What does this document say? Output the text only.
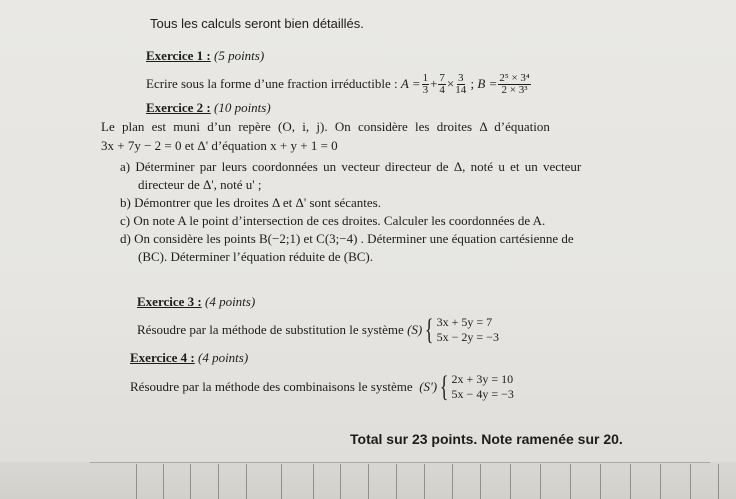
Tous les calculs seront bien détaillés.
Exercice 1 : (5 points)
Ecrire sous la forme d’une fraction irréductible :
$A = \frac{1}{3} + \frac{7}{4} \times \frac{3}{14}$
;
$B = \frac{\text{2⁵ × 3⁴}}{\text{2 × 3³}}$
Exercice 2 : (10 points)
Le plan est muni d’un repère (O, i, j). On considère les droites Δ d’équation
3x + 7y − 2 = 0 et Δ' d’équation x + y + 1 = 0
a) Déterminer par leurs coordonnées un vecteur directeur de Δ, noté u et un vecteur
directeur de Δ', noté u' ;
b) Démontrer que les droites Δ et Δ' sont sécantes.
c) On note A le point d’intersection de ces droites. Calculer les coordonnées de A.
d) On considère les points B(−2;1) et C(3;−4) . Déterminer une équation cartésienne de
(BC). Déterminer l’équation réduite de (BC).
Exercice 3 : (4 points)
Résoudre par la méthode de substitution le système
(S) { 3x + 5y = 7
5x − 2y = −3
Exercice 4 : (4 points)
Résoudre par la méthode des combinaisons le système
(S') { 2x + 3y = 10
5x − 4y = −3
Total sur 23 points. Note ramenée sur 20.
